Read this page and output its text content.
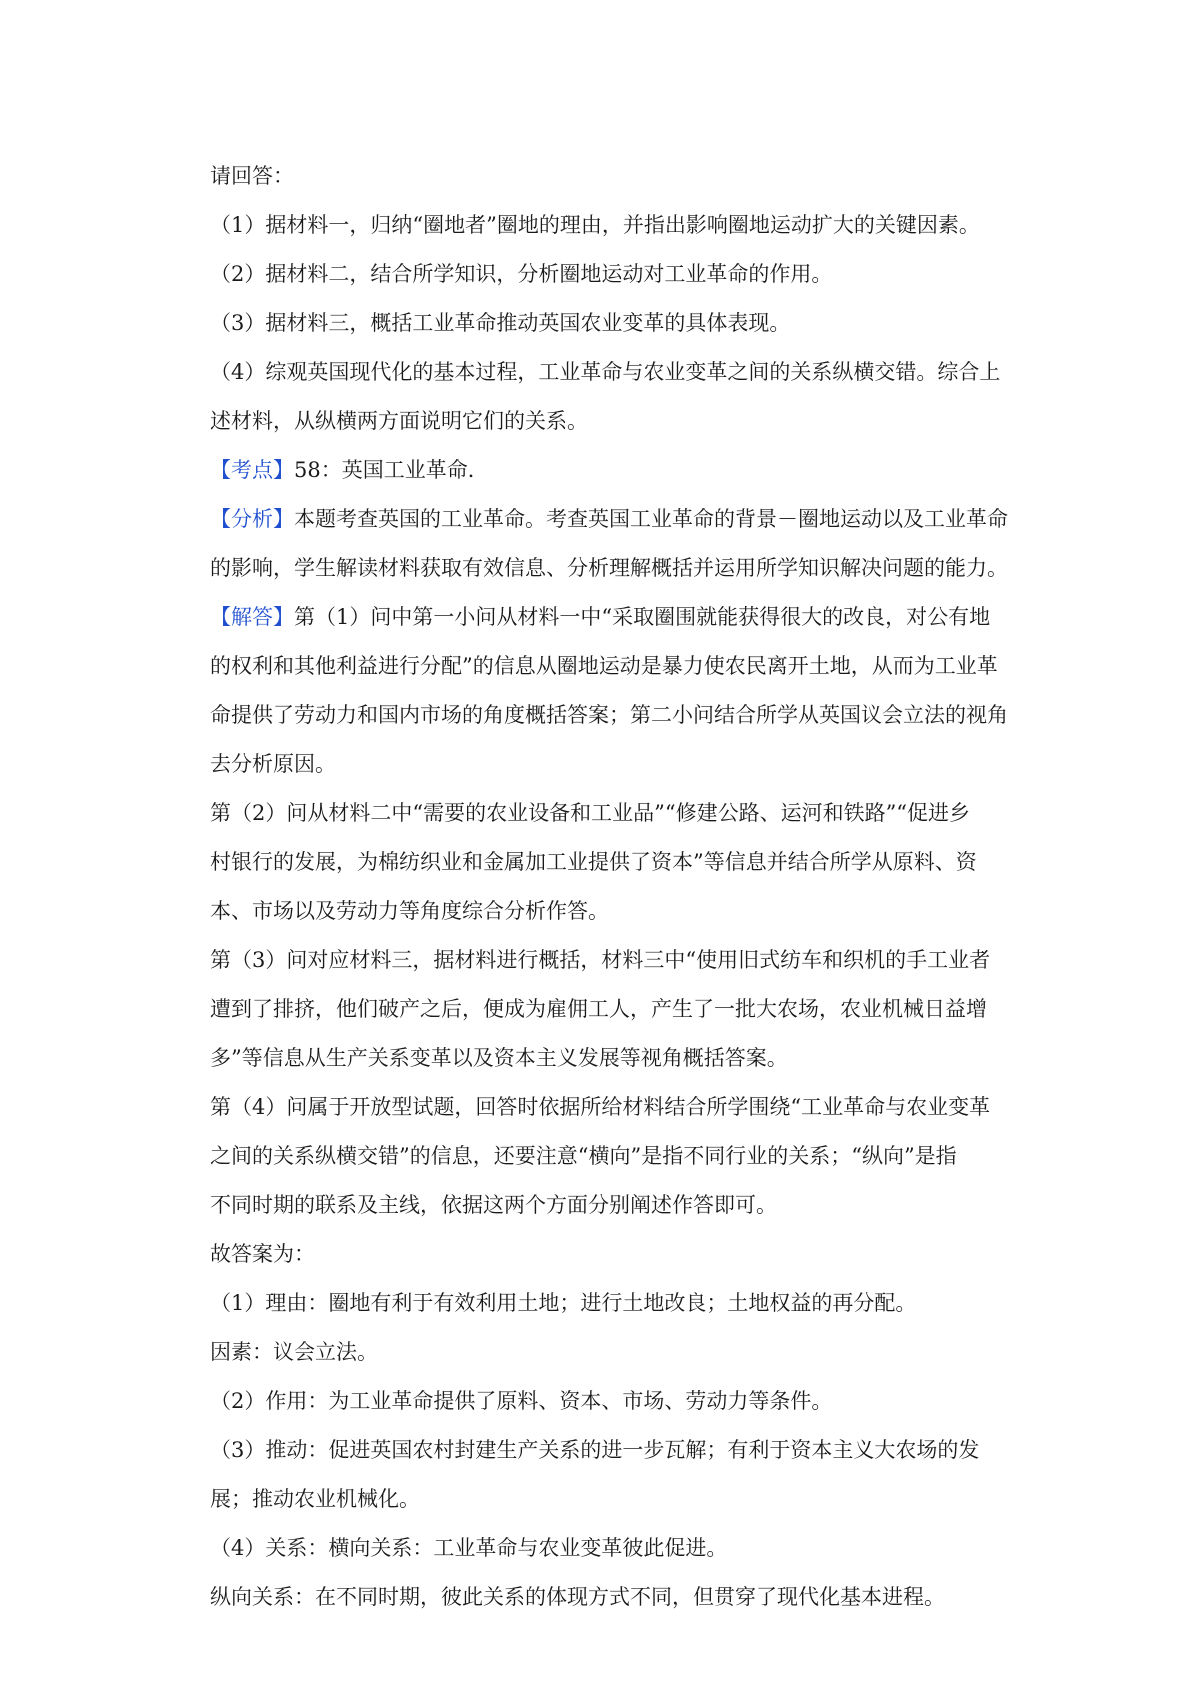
请回答：
（1）据材料一，归纳“圈地者”圈地的理由，并指出影响圈地运动扩大的关键因素。
（2）据材料二，结合所学知识，分析圈地运动对工业革命的作用。
（3）据材料三，概括工业革命推动英国农业变革的具体表现。
（4）综观英国现代化的基本过程，工业革命与农业变革之间的关系纵横交错。综合上
述材料，从纵横两方面说明它们的关系。
【考点】58：英国工业革命．
【分析】本题考查英国的工业革命。考查英国工业革命的背景－圈地运动以及工业革命
的影响，学生解读材料获取有效信息、分析理解概括并运用所学知识解决问题的能力。
【解答】第（1）问中第一小问从材料一中“采取圈围就能获得很大的改良，对公有地
的权利和其他利益进行分配”的信息从圈地运动是暴力使农民离开土地，从而为工业革
命提供了劳动力和国内市场的角度概括答案；第二小问结合所学从英国议会立法的视角
去分析原因。
第（2）问从材料二中“需要的农业设备和工业品”“修建公路、运河和铁路”“促进乡
村银行的发展，为棉纺织业和金属加工业提供了资本”等信息并结合所学从原料、资
本、市场以及劳动力等角度综合分析作答。
第（3）问对应材料三，据材料进行概括，材料三中“使用旧式纺车和织机的手工业者
遭到了排挤，他们破产之后，便成为雇佣工人，产生了一批大农场，农业机械日益增
多”等信息从生产关系变革以及资本主义发展等视角概括答案。
第（4）问属于开放型试题，回答时依据所给材料结合所学围绕“工业革命与农业变革
之间的关系纵横交错”的信息，还要注意“横向”是指不同行业的关系；“纵向”是指
不同时期的联系及主线，依据这两个方面分别阐述作答即可。
故答案为：
（1）理由：圈地有利于有效利用土地；进行土地改良；土地权益的再分配。
因素：议会立法。
（2）作用：为工业革命提供了原料、资本、市场、劳动力等条件。
（3）推动：促进英国农村封建生产关系的进一步瓦解；有利于资本主义大农场的发
展；推动农业机械化。
（4）关系：横向关系：工业革命与农业变革彼此促进。
纵向关系：在不同时期，彼此关系的体现方式不同，但贯穿了现代化基本进程。
